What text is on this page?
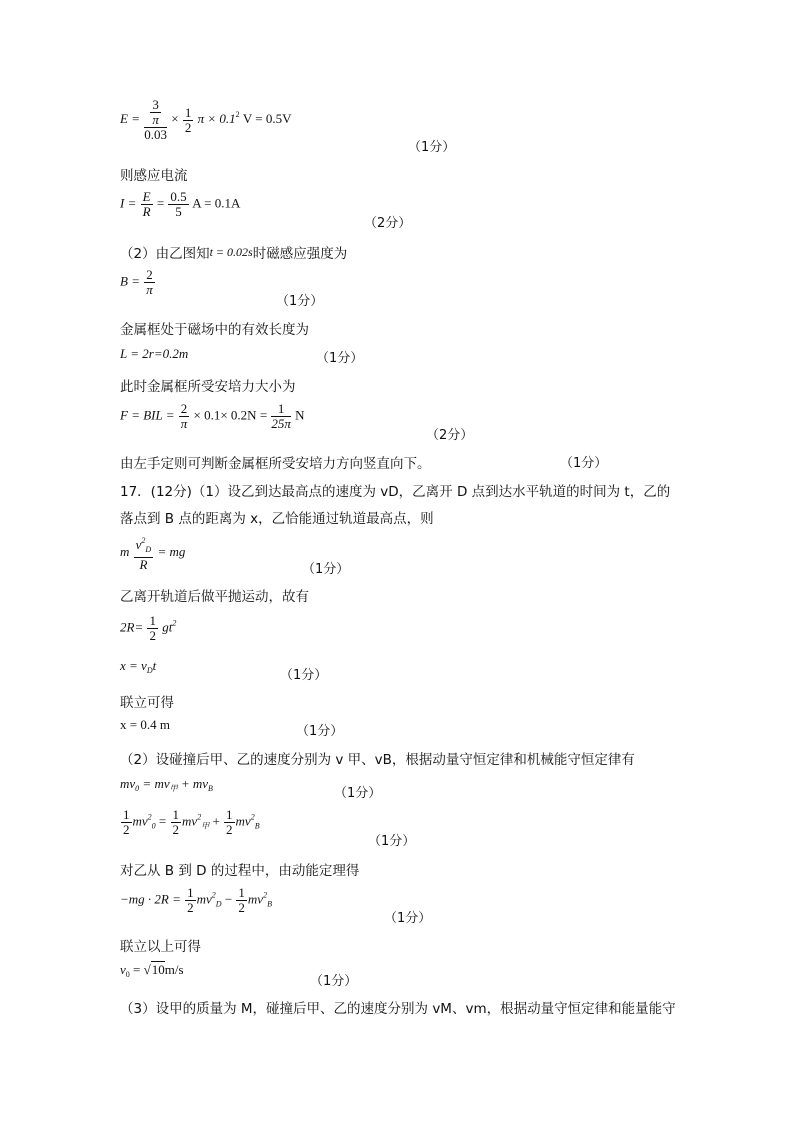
$E = \frac{\frac{3}{\pi}}{0.03} \times \frac{1}{2}$ $\pi \times 0.1^2$ V = 0.5V
（1分）
则感应电流
$I = \frac{E}{R} = \frac{0.5}{5}$ A = 0.1A
（2分）
（2）由乙图知t = 0.02s时磁感应强度为
$B = \frac{2}{\pi}$
（1分）
金属框处于磁场中的有效长度为
L = 2r=0.2m	（1分）
此时金属框所受安培力大小为
F = BIL = $\frac{2}{\pi} \times 0.1\times 0.2N = \frac{1}{25\pi}$ N
（2分）
由左手定则可判断金属框所受安培力方向竖直向下。	（1分）
17．(12分)（1）设乙到达最高点的速度为 vD，乙离开 D 点到达水平轨道的时间为 t，乙的
落点到 B 点的距离为 x，乙恰能通过轨道最高点，则
m $\frac{v^2_D}{R}$ = mg
（1分）
乙离开轨道后做平抛运动，故有
$2R= \frac{1}{2} gt^2$
$x = v_Dt$
（1分）
联立可得
x = 0.4 m	（1分）
（2）设碰撞后甲、乙的速度分别为 v 甲、vB，根据动量守恒定律和机械能守恒定律有
$mv_0 = mv_甲 + mv_B$	（1分）
$\frac{1}{2} mv^2_0 = \frac{1}{2} mv^2_甲 + \frac{1}{2} mv^2_B$
（1分）
对乙从 B 到 D 的过程中，由动能定理得
$-mg \cdot 2R = \frac{1}{2} mv^2_D - \frac{1}{2} mv^2_B$
（1分）
联立以上可得
$v_0 = √10m/s$
（1分）
（3）设甲的质量为 M，碰撞后甲、乙的速度分别为 vM、vm，根据动量守恒定律和能量能守
